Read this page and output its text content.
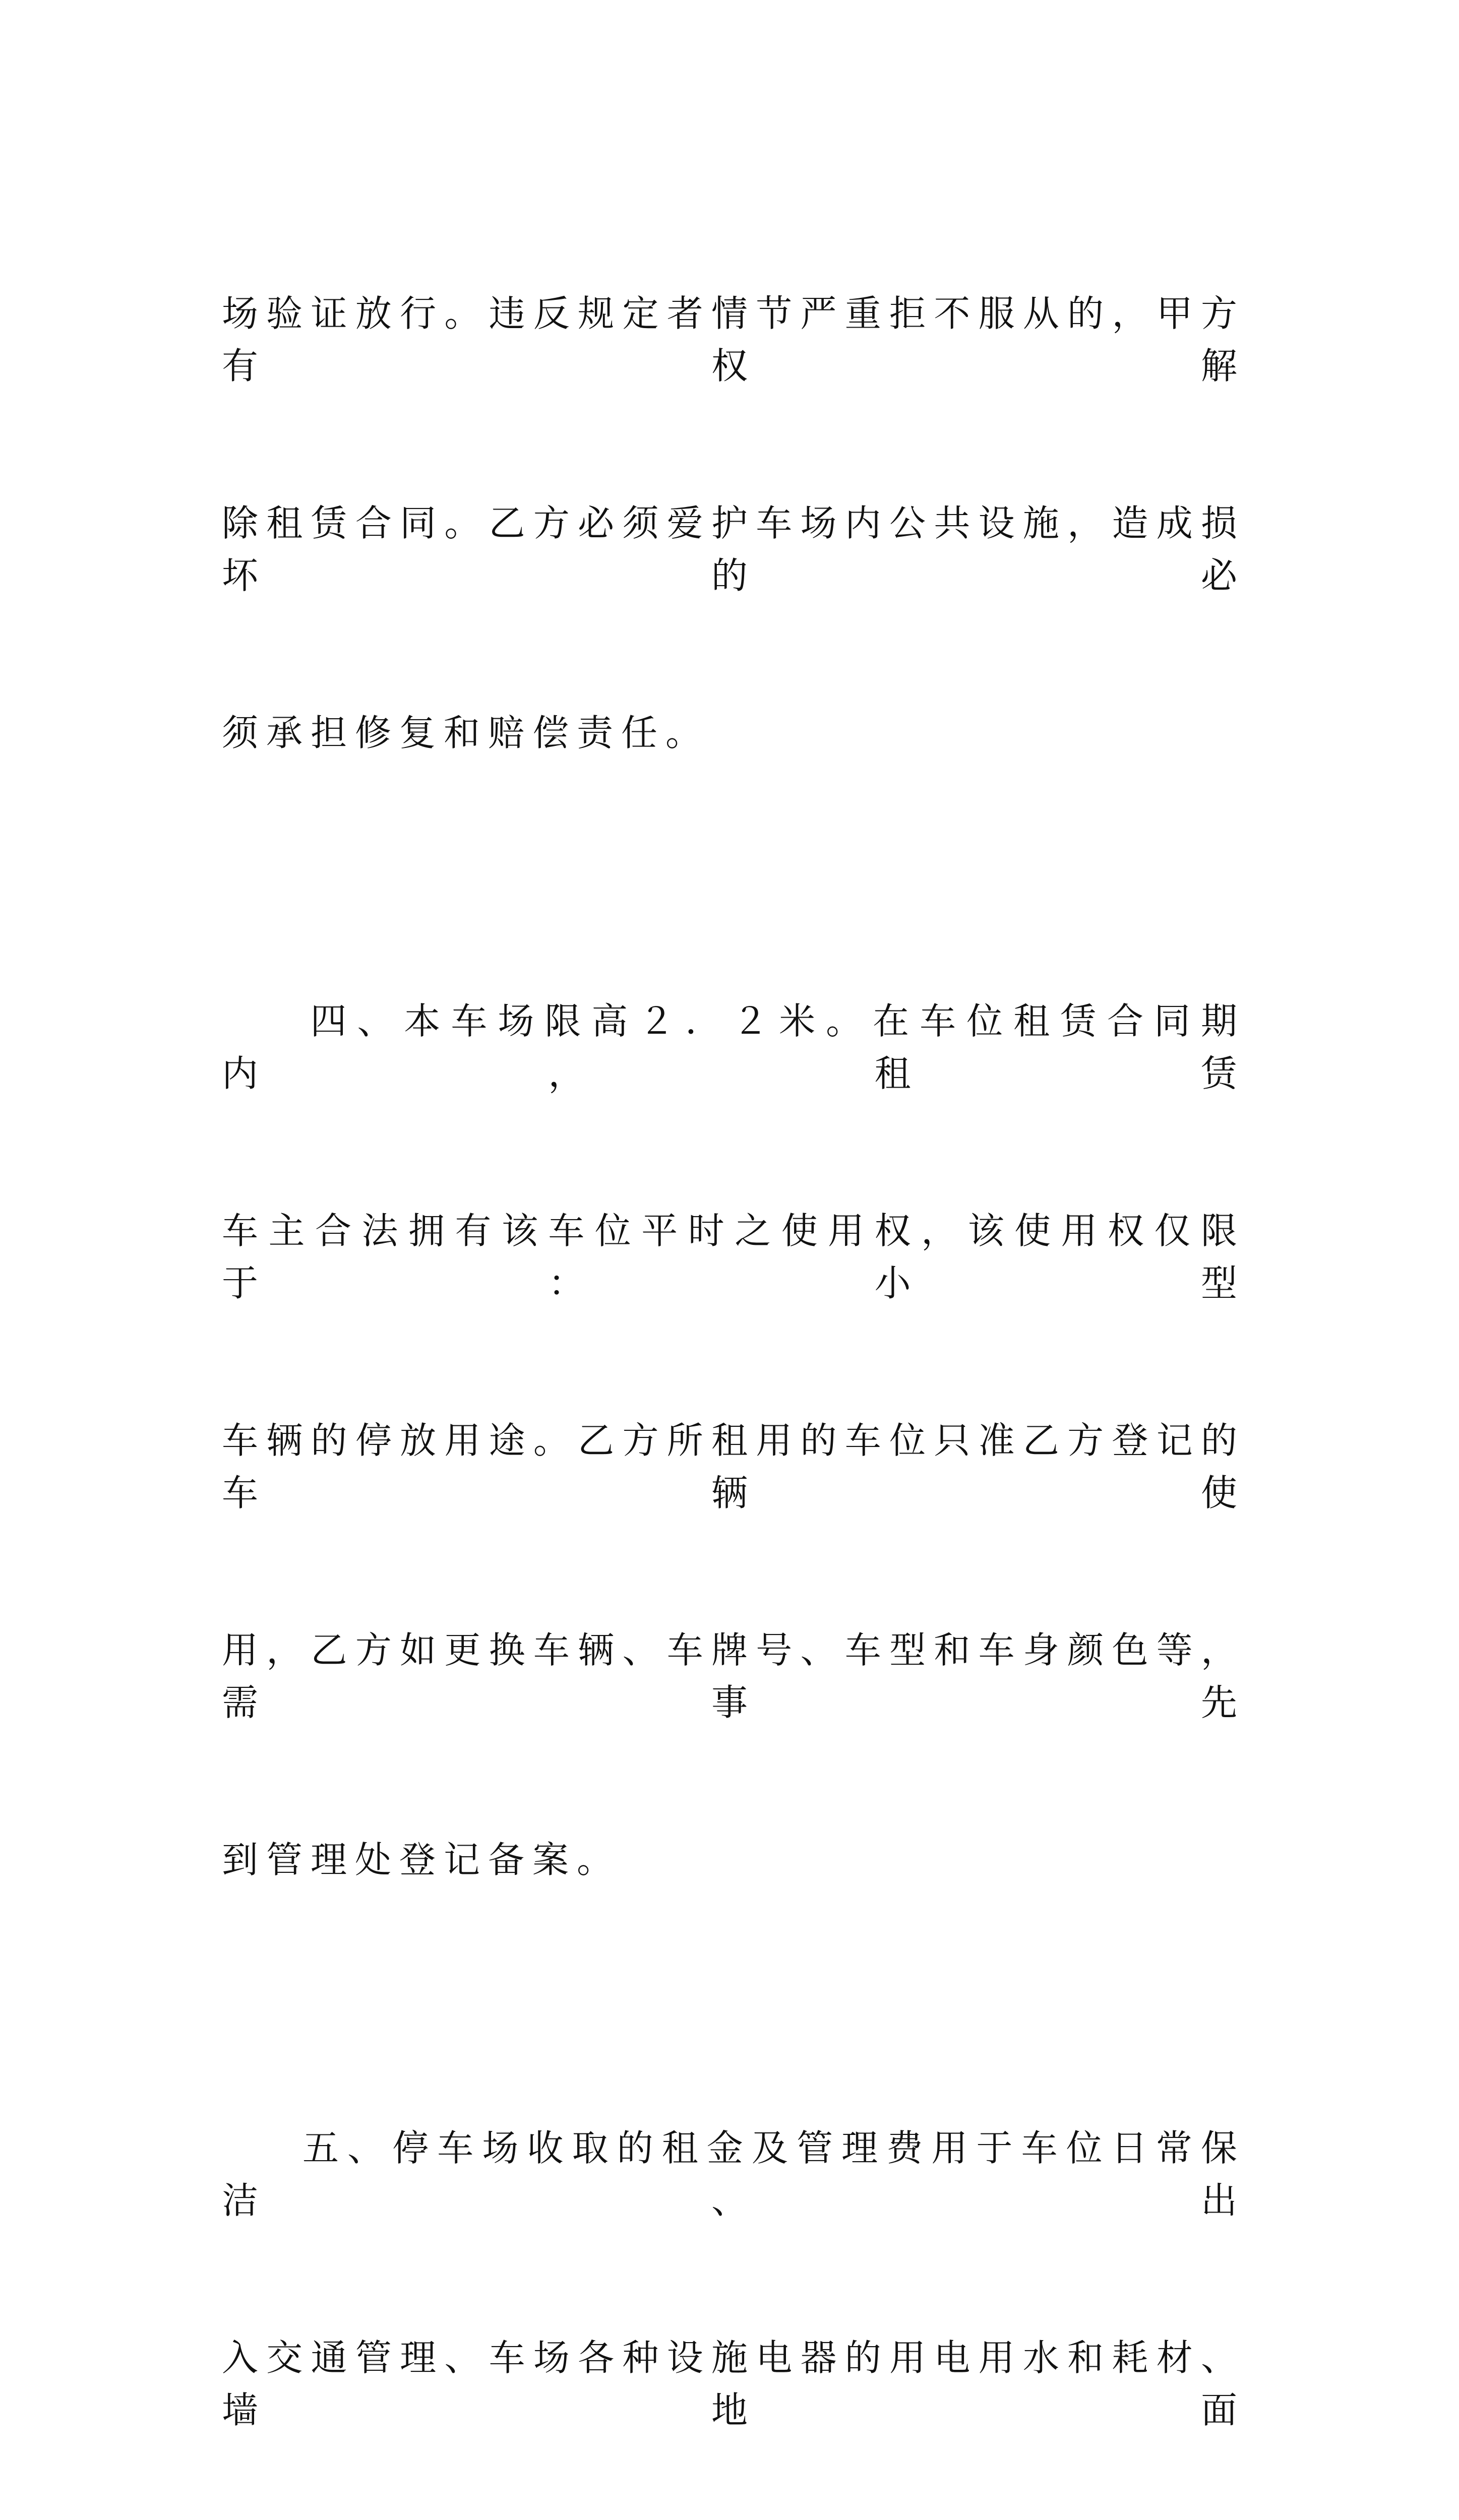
场验证放行。违反规定者情节严重拒不服从的，甲方有权解

除租赁合同。乙方必须爱护车场内公共设施，造成损坏的必

须承担修复和赔偿责任。

四、本车场限高２．２米。在车位租赁合同期内，租赁

车主合法拥有该车位平时之使用权，该使用权仅限于：小型

车辆的停放用途。乙方所租用的车位只准乙方登记的车辆使

用，乙方如更换车辆、车牌号、车型和车身颜色等，需事先

到管理处登记备案。

五、停车场收取的租金及管理费用于车位日常保洁、出

入交通管理、车场各种设施电器的用电用水和耗材、墙地面
